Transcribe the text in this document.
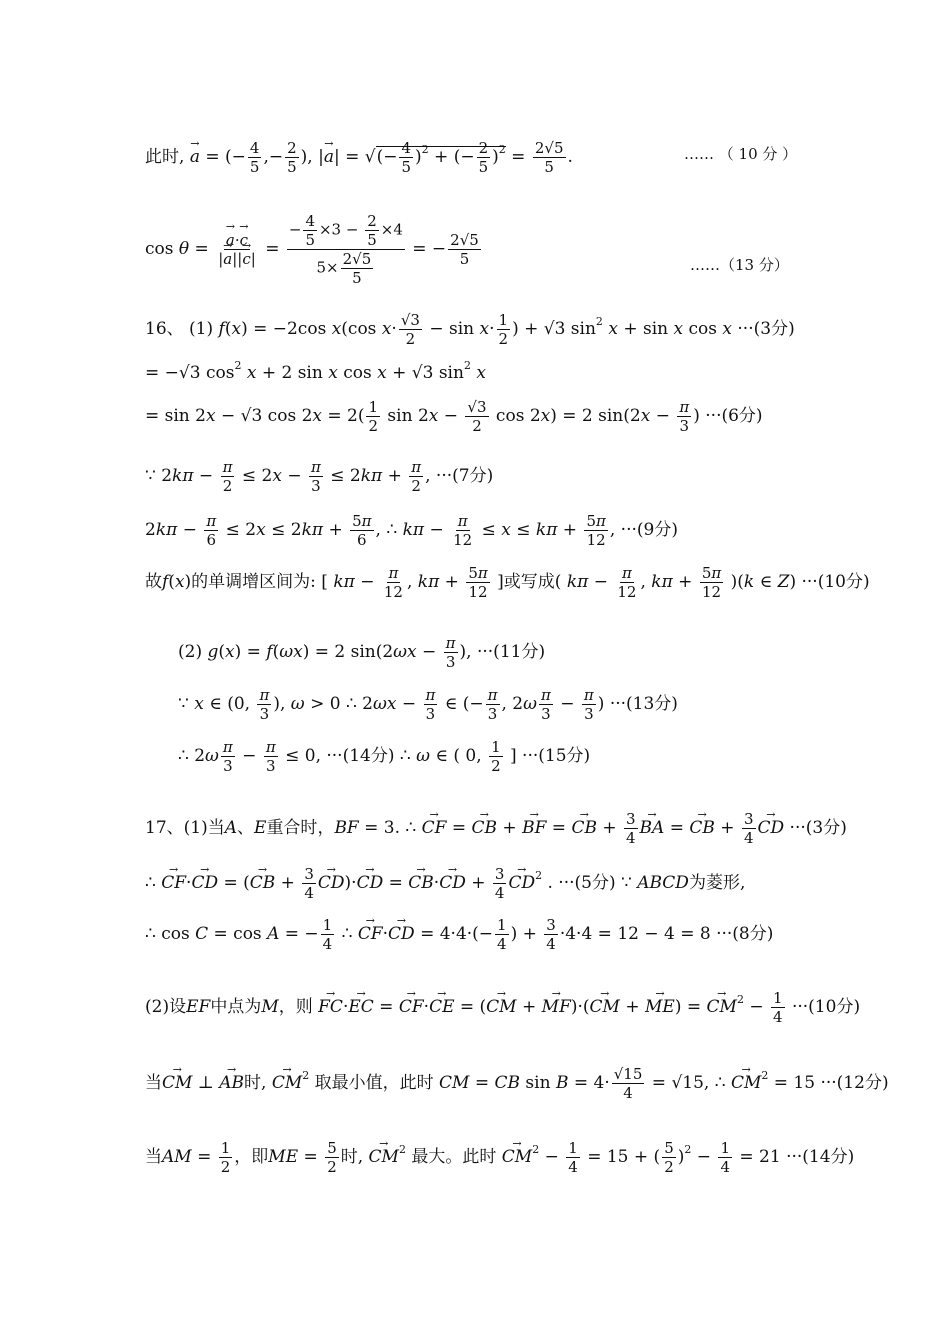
此时, → a = (− $\frac{4}{5}$ ,− $\frac{2}{5}$ ), |→ a| = √(− $\frac{4}{5} )^2$ + (− $\frac{2}{5} )^2 = \frac{2√5}{5}$ .	…… （ 10 分 ）
cos θ =
→ $\frac{a\cdot\to c}{|\to a||\to c|} = \frac{- \frac{4}{5} \times 3 - \frac{2}{5} \times 4}{5\times \frac{2√5}{5}}$ = − $\frac{2√5}{5}$	……（13 分）
16、 (1) f(x) = −2cos x(cos $x\cdot \frac{√3}{2} - \sin x\cdot \frac{1}{2}$ ) + √3 $\sin^2 x + \sin x$ cos x ···(3分)
= −√3 $\cos^2 x + 2$ sin x cos x + √3 $\sin^2 x$
= sin 2x − √3 $\cos 2x = 2( \frac{1}{2}$ $\sin 2x - \frac{√3}{2}$ cos 2x) = 2 $\sin(2x - \frac{\pi}{3}$ ) ···(6分)
∵ $2k\pi - \frac{\pi}{2} \le 2x - \frac{\pi}{3} \le 2k\pi + \frac{\pi}{2}$ , ···(7分)
$2k\pi - \frac{\pi}{6} \le 2x \le 2k\pi + \frac{5\pi}{6}$ , ∴ $k\pi - \frac{\pi}{12} \le x \le k\pi + \frac{5\pi}{12}$ , ···(9分)
故f(x)的单调增区间为: [ $k\pi - \frac{\pi}{12}$ , $k\pi + \frac{5\pi}{12}$ ]或写成( $k\pi - \frac{\pi}{12}$ , $k\pi + \frac{5\pi}{12} )(k$ ∈ Z) ···(10分)
(2) g(x) = f(ωx) = 2 $\sin(2\omega x - \frac{\pi}{3}$ ), ···(11分)
∵ x ∈ (0, $\frac{\pi}{3}$ ), ω > 0 ∴ $2\omega x - \frac{\pi}{3}$ ∈ (− $\frac{\pi}{3}$ , $2\omega \frac{\pi}{3} - \frac{\pi}{3}$ ) ···(13分)
∴ $2\omega \frac{\pi}{3} - \frac{\pi}{3} \le 0$, ···(14分) ∴ ω ∈ ( 0, $\frac{1}{2}$ ] ···(15分)
17、(1)当A、E重合时，BF = 3. ∴ → CF = → CB + → BF = → CB + $\frac{3}{4}$
→ BA = → CB + $\frac{3}{4}$
→ CD ···(3分)
∴ → CF·→ CD = (→ CB + $\frac{3}{4}$
→ CD)·→ CD = → CB·→ CD + $\frac{3}{4}$
→ $CD^2$ . ···(5分) ∵ ABCD为菱形,
∴ cos C = cos A = − $\frac{1}{4}$ ∴ → CF·→ CD = $4\cdot 4\cdot(- \frac{1}{4}$ ) + $\frac{3}{4} \cdot 4\cdot 4 = 12 - 4 = 8 \cdot\cdot\cdot(8$分)
(2)设EF中点为M，则 → FC·→ EC = → CF·→ CE = (→ CM + → MF)·(→ CM + → ME) = → $CM^2 - \frac{1}{4} \cdot\cdot\cdot(10$分)
当→ CM ⊥ → AB时, → $CM^2$ 取最小值，此时 CM = CB $\sin B = 4\cdot \frac{√15}{4} = √15$, ∴ → $CM^2 = 15 \cdot\cdot\cdot(12$分)
当AM = $\frac{1}{2}$ ，即ME = $\frac{5}{2}$ 时, → $CM^2$ 最大。此时 → $CM^2 - \frac{1}{4} = 15$ + ( $\frac{5}{2} )^2 - \frac{1}{4} = 21 \cdot\cdot\cdot(14$分)
